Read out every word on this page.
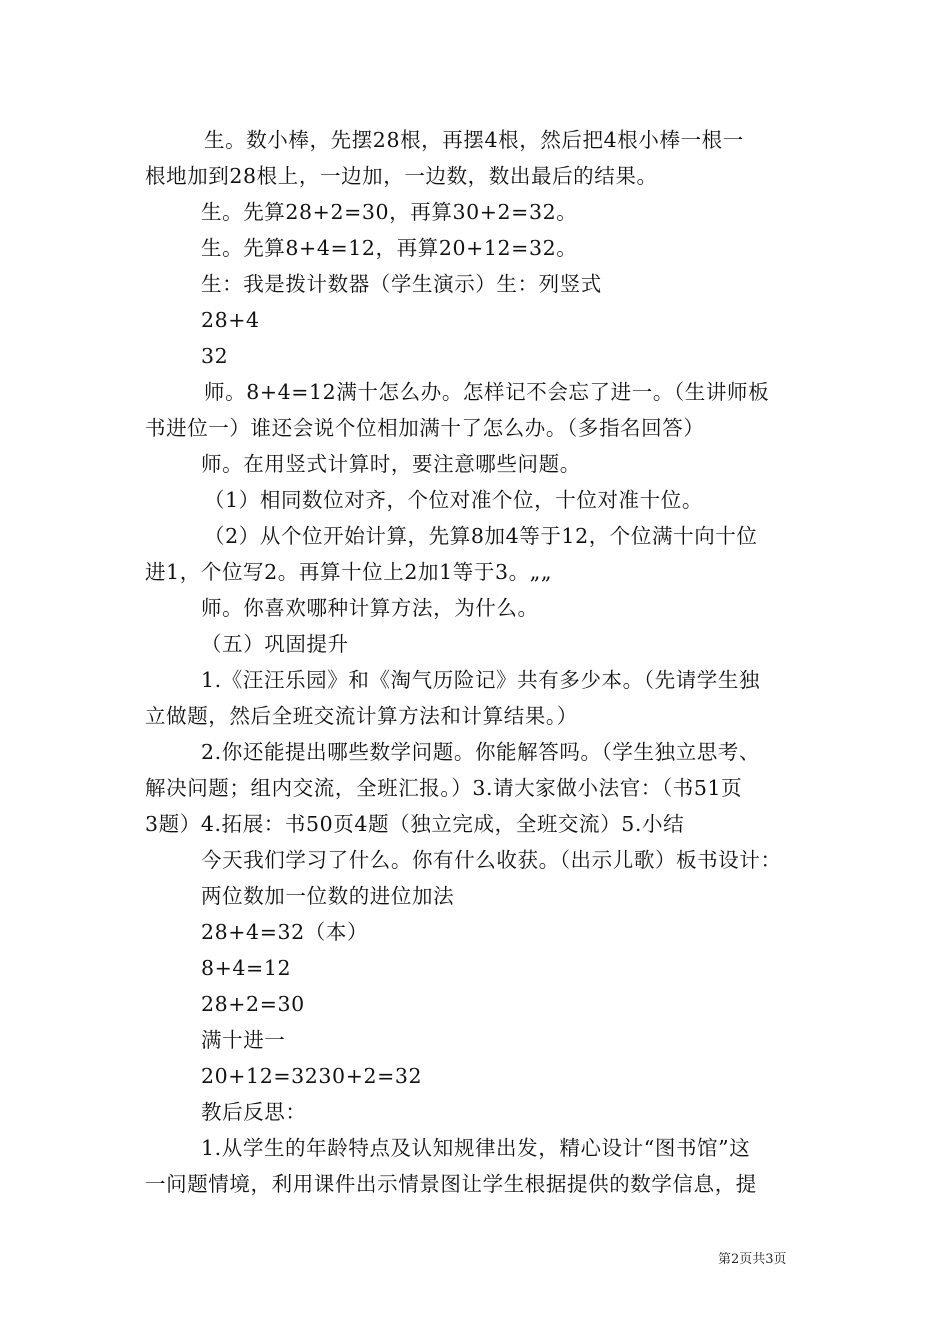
生。数小棒，先摆28根，再摆4根，然后把4根小棒一根一
根地加到28根上，一边加，一边数，数出最后的结果。
生。先算28+2=30，再算30+2=32。
生。先算8+4=12，再算20+12=32。
生：我是拨计数器（学生演示）生：列竖式
28+4
32
师。8+4=12满十怎么办。怎样记不会忘了进一。（生讲师板
书进位一）谁还会说个位相加满十了怎么办。（多指名回答）
师。在用竖式计算时，要注意哪些问题。
（1）相同数位对齐，个位对准个位，十位对准十位。
（2）从个位开始计算，先算8加4等于12，个位满十向十位
进1，个位写2。再算十位上2加1等于3。„„
师。你喜欢哪种计算方法，为什么。
（五）巩固提升
1.《汪汪乐园》和《淘气历险记》共有多少本。（先请学生独
立做题，然后全班交流计算方法和计算结果。）
2.你还能提出哪些数学问题。你能解答吗。（学生独立思考、
解决问题；组内交流，全班汇报。）3.请大家做小法官：（书51页
3题）4.拓展：书50页4题（独立完成，全班交流）5.小结
今天我们学习了什么。你有什么收获。（出示儿歌）板书设计：
两位数加一位数的进位加法
28+4=32（本）
8+4=12
28+2=30
满十进一
20+12=3230+2=32
教后反思：
1.从学生的年龄特点及认知规律出发，精心设计“图书馆”这
一问题情境，利用课件出示情景图让学生根据提供的数学信息，提
第2页共3页
